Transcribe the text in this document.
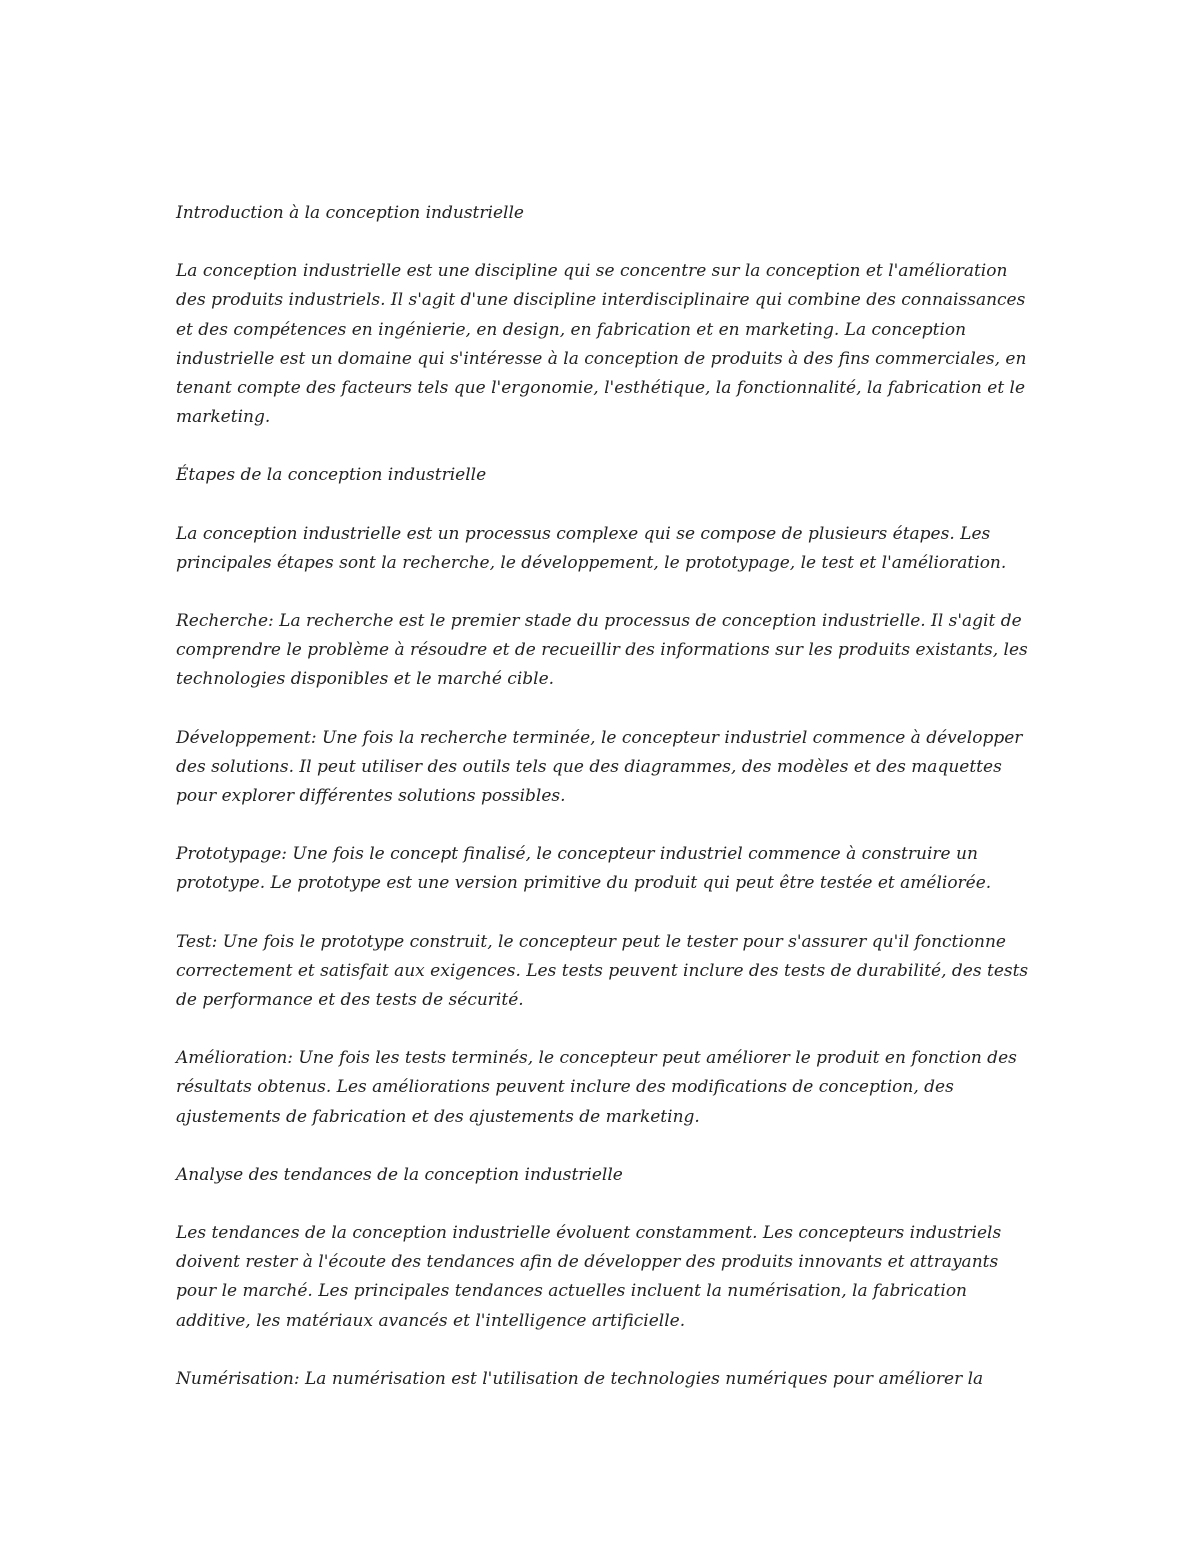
Introduction à la conception industrielle

La conception industrielle est une discipline qui se concentre sur la conception et l'amélioration des produits industriels. Il s'agit d'une discipline interdisciplinaire qui combine des connaissances et des compétences en ingénierie, en design, en fabrication et en marketing. La conception industrielle est un domaine qui s'intéresse à la conception de produits à des fins commerciales, en tenant compte des facteurs tels que l'ergonomie, l'esthétique, la fonctionnalité, la fabrication et le marketing.

Étapes de la conception industrielle

La conception industrielle est un processus complexe qui se compose de plusieurs étapes. Les principales étapes sont la recherche, le développement, le prototypage, le test et l'amélioration.

Recherche: La recherche est le premier stade du processus de conception industrielle. Il s'agit de comprendre le problème à résoudre et de recueillir des informations sur les produits existants, les technologies disponibles et le marché cible.

Développement: Une fois la recherche terminée, le concepteur industriel commence à développer des solutions. Il peut utiliser des outils tels que des diagrammes, des modèles et des maquettes pour explorer différentes solutions possibles.

Prototypage: Une fois le concept finalisé, le concepteur industriel commence à construire un prototype. Le prototype est une version primitive du produit qui peut être testée et améliorée.

Test: Une fois le prototype construit, le concepteur peut le tester pour s'assurer qu'il fonctionne correctement et satisfait aux exigences. Les tests peuvent inclure des tests de durabilité, des tests de performance et des tests de sécurité.

Amélioration: Une fois les tests terminés, le concepteur peut améliorer le produit en fonction des résultats obtenus. Les améliorations peuvent inclure des modifications de conception, des ajustements de fabrication et des ajustements de marketing.

Analyse des tendances de la conception industrielle

Les tendances de la conception industrielle évoluent constamment. Les concepteurs industriels doivent rester à l'écoute des tendances afin de développer des produits innovants et attrayants pour le marché. Les principales tendances actuelles incluent la numérisation, la fabrication additive, les matériaux avancés et l'intelligence artificielle.

Numérisation: La numérisation est l'utilisation de technologies numériques pour améliorer la
